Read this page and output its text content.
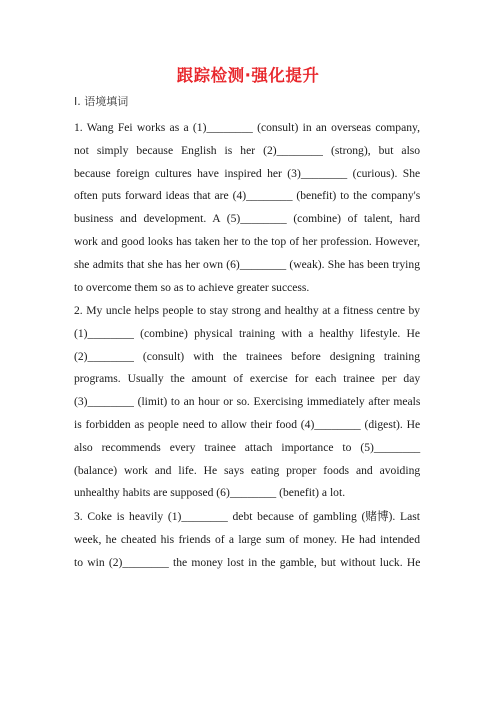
跟踪检测·强化提升
Ⅰ. 语境填词
1. Wang Fei works as a (1)________ (consult) in an overseas company,
not simply because English is her (2)________ (strong), but also
because foreign cultures have inspired her (3)________ (curious). She
often puts forward ideas that are (4)________ (benefit) to the company's
business and development. A (5)________ (combine) of talent, hard
work and good looks has taken her to the top of her profession. However,
she admits that she has her own (6)________ (weak). She has been trying
to overcome them so as to achieve greater success.
2. My uncle helps people to stay strong and healthy at a fitness centre by
(1)________ (combine) physical training with a healthy lifestyle. He
(2)________ (consult) with the trainees before designing training
programs. Usually the amount of exercise for each trainee per day
(3)________ (limit) to an hour or so. Exercising immediately after meals
is forbidden as people need to allow their food (4)________ (digest). He
also recommends every trainee attach importance to (5)________
(balance) work and life. He says eating proper foods and avoiding
unhealthy habits are supposed (6)________ (benefit) a lot.
3. Coke is heavily (1)________ debt because of gambling (赌博). Last
week, he cheated his friends of a large sum of money. He had intended
to win (2)________ the money lost in the gamble, but without luck. He
